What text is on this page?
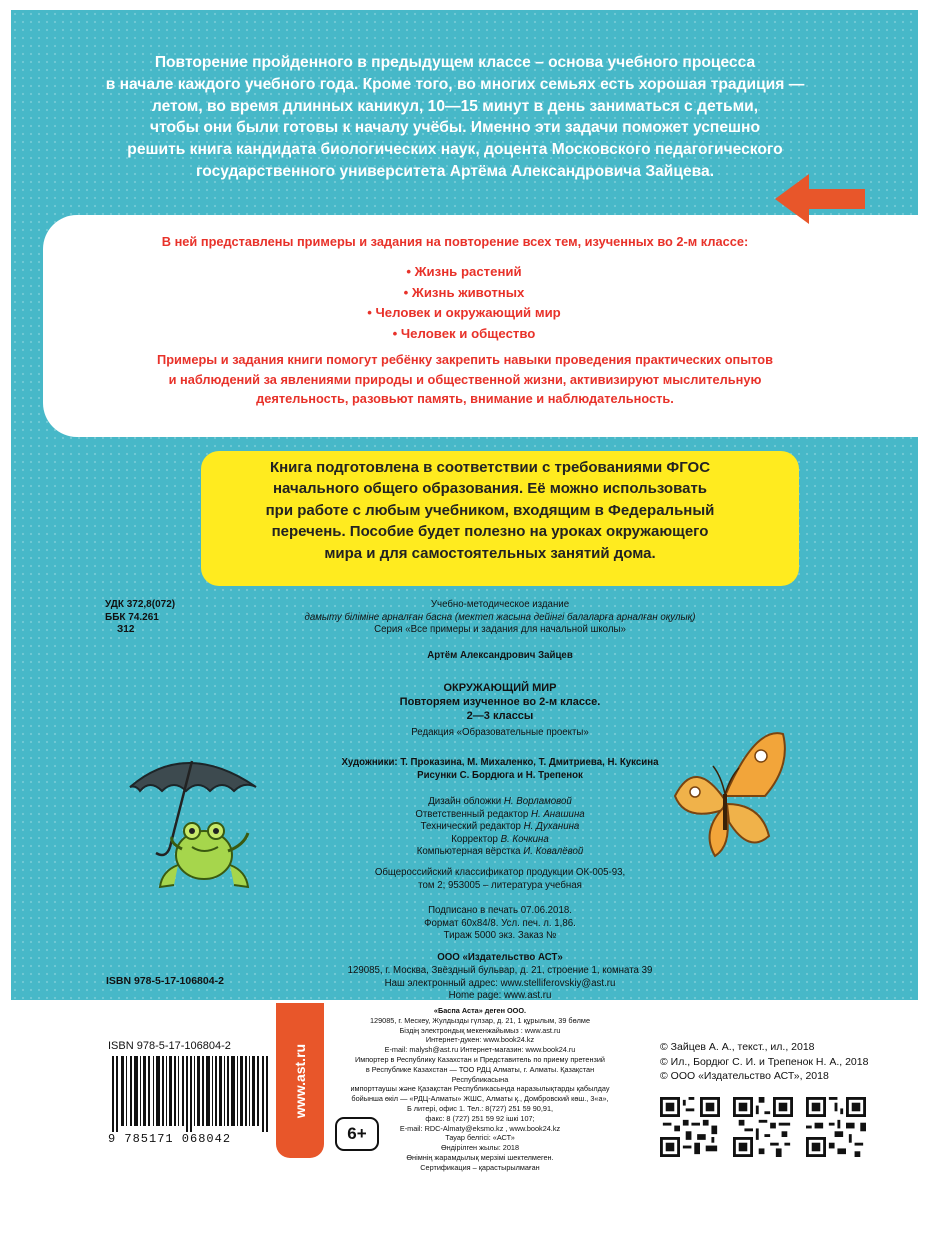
Повторение пройденного в предыдущем классе – основа учебного процесса
в начале каждого учебного года. Кроме того, во многих семьях есть хорошая традиция —
летом, во время длинных каникул, 10—15 минут в день заниматься с детьми,
чтобы они были готовы к началу учёбы. Именно эти задачи поможет успешно
решить книга кандидата биологических наук, доцента Московского педагогического
государственного университета Артёма Александровича Зайцева.
В ней представлены примеры и задания на повторение всех тем, изученных во 2-м классе:
• Жизнь растений
• Жизнь животных
• Человек и окружающий мир
• Человек и общество
Примеры и задания книги помогут ребёнку закрепить навыки проведения практических опытов
и наблюдений за явлениями природы и общественной жизни, активизируют мыслительную
деятельность, разовьют память, внимание и наблюдательность.
Книга подготовлена в соответствии с требованиями ФГОС
начального общего образования. Её можно использовать
при работе с любым учебником, входящим в Федеральный
перечень. Пособие будет полезно на уроках окружающего
мира и для самостоятельных занятий дома.
УДК 372,8(072)
ББК 74.261
З12
Учебно-методическое издание
дамыту білiмiне арналған басна (мектеп жасына дейiнгi балаларға арналған оқулық)
Серия «Все примеры и задания для начальной школы»
Артём Александрович Зайцев
ОКРУЖАЮЩИЙ МИР
Повторяем изученное во 2-м классе.
2—3 классы
Редакция «Образовательные проекты»
Художники: Т. Проказина, М. Михаленко, Т. Дмитриева, Н. Куксина
Рисунки С. Бордюга и Н. Трепенок
Дизайн обложки Н. Ворламовой
Ответственный редактор Н. Анашина
Технический редактор Н. Духанина
Корректор В. Кочкина
Компьютерная вёрстка И. Ковалёвой
Общероссийский классификатор продукции ОК-005-93,
том 2; 953005 – литература учебная
Подписано в печать 07.06.2018.
Формат 60х84/8. Усл. печ. л. 1,86.
Тираж 5000 экз. Заказ №
ООО «Издательство АСТ»
129085, г. Москва, Звёздный бульвар, д. 21, строение 1, комната 39
Наш электронный адрес: www.stelliferovskiy@ast.ru
Home page: www.ast.ru
ISBN 978-5-17-106804-2
ISBN 978-5-17-106804-2
9 785171 068042
www.ast.ru
6+
«Баспа Аста» деген ООО.
129085, г. Мескеу, Жулдызды гүлзар, д. 21, 1 құрылым, 39 бөлме
Біздің электрондық мекенжайымыз : www.ast.ru
Интернет-дукен: www.book24.kz
E-mail: malysh@ast.ru Интернет-магазин: www.book24.ru
Импортер в Республику Казахстан и Представитель по приему претензий
в Республике Казахстан — ТОО РДЦ Алматы, г. Алматы. Қазақстан Республикасына
импорттаушы және Қазақстан Республикасында наразылықтарды қабылдау
бойынша өкіл — «РДЦ-Алматы» ЖШС, Алматы қ., Домбровский көш., 3«а»,
Б литері, офис 1. Тел.: 8(727) 251 59 90,91,
факс: 8 (727) 251 59 92 ішкі 107;
E-mail: RDC-Almaty@eksmo.kz , www.book24.kz
Тауар белгісі: «АСТ»
Өндірілген жылы: 2018
Өнімнің жарамдылық мерзімі шектелмеген.
Сертификация – қарастырылмаған
© Зайцев А. А., текст., ил., 2018
© Ил., Бордюг С. И. и Трепенок Н. А., 2018
© ООО «Издательство АСТ», 2018
